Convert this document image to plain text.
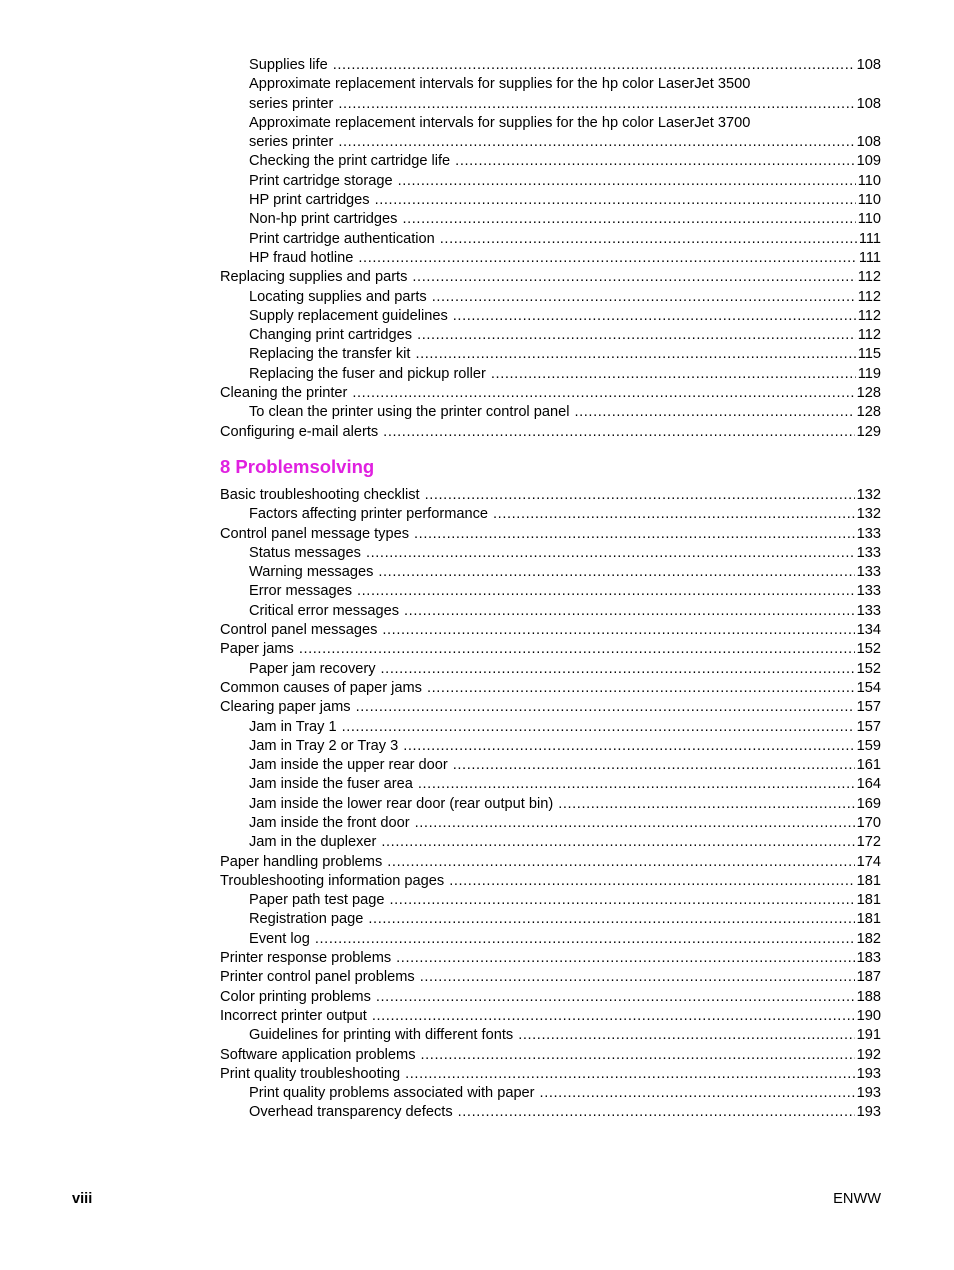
Supplies life .....	108
Approximate replacement intervals for supplies for the hp color LaserJet 3500
series printer .....	108
Approximate replacement intervals for supplies for the hp color LaserJet 3700
series printer .....	108
Checking the print cartridge life .....	109
Print cartridge storage .....	110
HP print cartridges .....	110
Non-hp print cartridges .....	110
Print cartridge authentication .....	111
HP fraud hotline .....	111
Replacing supplies and parts .....	112
Locating supplies and parts .....	112
Supply replacement guidelines .....	112
Changing print cartridges .....	112
Replacing the transfer kit .....	115
Replacing the fuser and pickup roller .....	119
Cleaning the printer .....	128
To clean the printer using the printer control panel .....	128
Configuring e-mail alerts .....	129
8 Problemsolving
Basic troubleshooting checklist .....	132
Factors affecting printer performance .....	132
Control panel message types .....	133
Status messages .....	133
Warning messages .....	133
Error messages .....	133
Critical error messages .....	133
Control panel messages .....	134
Paper jams .....	152
Paper jam recovery .....	152
Common causes of paper jams .....	154
Clearing paper jams .....	157
Jam in Tray 1 .....	157
Jam in Tray 2 or Tray 3 .....	159
Jam inside the upper rear door .....	161
Jam inside the fuser area .....	164
Jam inside the lower rear door (rear output bin) .....	169
Jam inside the front door .....	170
Jam in the duplexer .....	172
Paper handling problems .....	174
Troubleshooting information pages .....	181
Paper path test page .....	181
Registration page .....	181
Event log .....	182
Printer response problems .....	183
Printer control panel problems .....	187
Color printing problems .....	188
Incorrect printer output .....	190
Guidelines for printing with different fonts .....	191
Software application problems .....	192
Print quality troubleshooting .....	193
Print quality problems associated with paper .....	193
Overhead transparency defects .....	193
viii	ENWW
